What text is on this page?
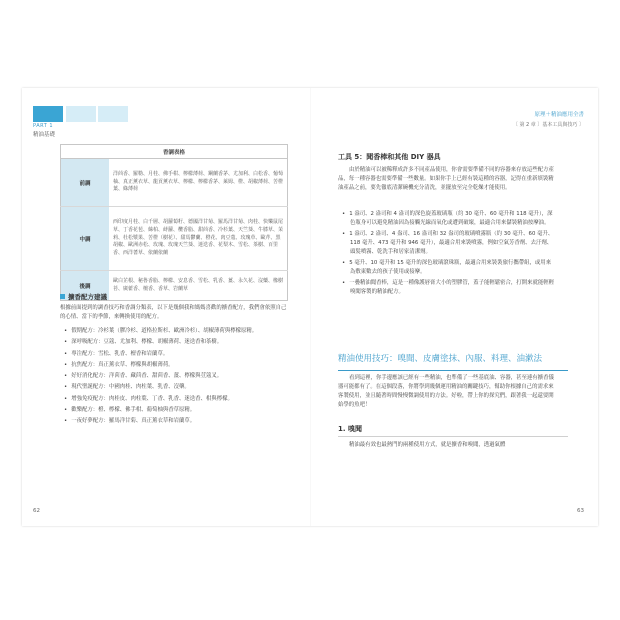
PART 1
精油基礎
原理＋精油應用全書
〔 第 2 章 〕基本工具與技巧 〕
香調表格	
前調	洋茴香、羅勒、月桂、佛手柑、檸檬薄荷、鋼蘭香茅、尤加利、白松香、葡萄柚、真正薰衣草、龍貢薰衣草、檸檬、檸檬香茅、萊姆、橙、胡椒薄荷、苦橙葉、綠薄荷
中調	西印度月桂、白千層、胡蘿蔔籽、德國洋甘菊、羅馬洋甘菊、肉桂、快樂鼠尾草、丁香花苞、絲柏、蒔蘿、欖香脂、甜茴香、冷杉葉、天竺葵、牛膝草、茉莉、杜松漿果、苦橙（樹花）、甜馬鬱蘭、橙花、肉豆蔻、玫瑰草、歐芹、黑胡椒、歐洲赤松、玫瑰、玫瑰天竺葵、迷迭香、花梨木、雪松、茶樹、百里香、西洋蓍草、依蘭依蘭
後調	歐白芷根、秘魯香脂、檸檬、安息香、雪松、乳香、薑、永久花、沒藥、橡樹苔、廣藿香、檀香、香草、岩蘭草
擴香配方建議
根據前面提到的調香技巧和香調分類表，以下是幾個我和媽媽喜歡的擴香配方，我們會依照自己的心情、當下的季節，來轉換使用的配方。
• 假期配方：冷杉葉（膠冷杉、道格拉斯杉、歐洲冷杉）、胡椒薄荷與檸檬原精。
• 深呼吸配方：豆蔻、尤加利、檸檬、胡椒薄荷、迷迭香和茶樹。
• 專注配方：雪松、乳香、檀香和岩蘭草。
• 抗焦配方：真正薰衣草、檸檬與胡椒薄荷。
• 好好消化配方：洋茴香、藏茴香、甜茴香、薑、檸檬與荳蔻叉。
• 現代聖誕配方：中國肉桂、肉柱葉、乳香、沒藥。
• 增強免疫配方：肉桂皮、肉柱葉、丁香、乳香、迷迭香、柑與檸檬。
• 歡樂配方：橙、檸檬、佛手柑、葡萄柚與香草原精。
• 一夜好夢配方：羅馬洋甘菊、真正薰衣草和岩蘭草。
62
工具 5：聞香棒和其他 DIY 器具
由於精油可以被稀釋成許多不同產品使用，你會需要準備不同的容器來存放這些配方產品，每一種容器也需要準備一些數量。如果你手上已經有裝這種的容器，記得在重新填裝精油產品之前，要先徹底清潔碗機充分清洗，並擺放至完全乾燥才能使用。
• 1 盎司、2 盎司和 4 盎司的深色旋蓋玻璃瓶（約 30 毫升、60 毫升和 118 毫升），深色瓶身可以避免精油因為接觸光線而氧化或遭到破壞，最適合用來儲裝精油按摩油。
• 1 盎司、2 盎司、4 盎司、16 盎司和 32 盎司的玻璃噴霧瓶（約 30 毫升、60 毫升、118 毫升、473 毫升和 946 毫升），最適合用來裝噴霧，例如空氣芳香劑、去汙劑、頭髮噴霧、乾洗手和居家清潔劑。
• 5 毫升、10 毫升和 15 毫升的深色玻璃滾珠瓶，最適合用來裝裝旅行攜帶組，或用來為敷東數去的孩子使用或接摩。
• 一疊精油聞香棒，這是一種像護唇膏大小的塑膠管，蓋子能輕鬆密合，打開來就能輕輕嗅聞客製的精油配方。
精油使用技巧：嗅聞、皮膚塗抹、內服、料理、油漱法
看到這裡，你手邊應該已經有一些精油，也準備了一些基底油、容器，甚至連有擴香儀器可能都有了。在這個段落，你將學到幾個運用精油的關鍵技巧，幫助你根據自己的需求來客製使用，並且隨著時間慢慢微調使用的方法。好啦，帶上你的探究們，跟著我一起還要開始學的魚吧！
1. 嗅聞
精油最有效也最熱門的兩種使用方式，就是擴香和嗅聞，透過氣體
63
